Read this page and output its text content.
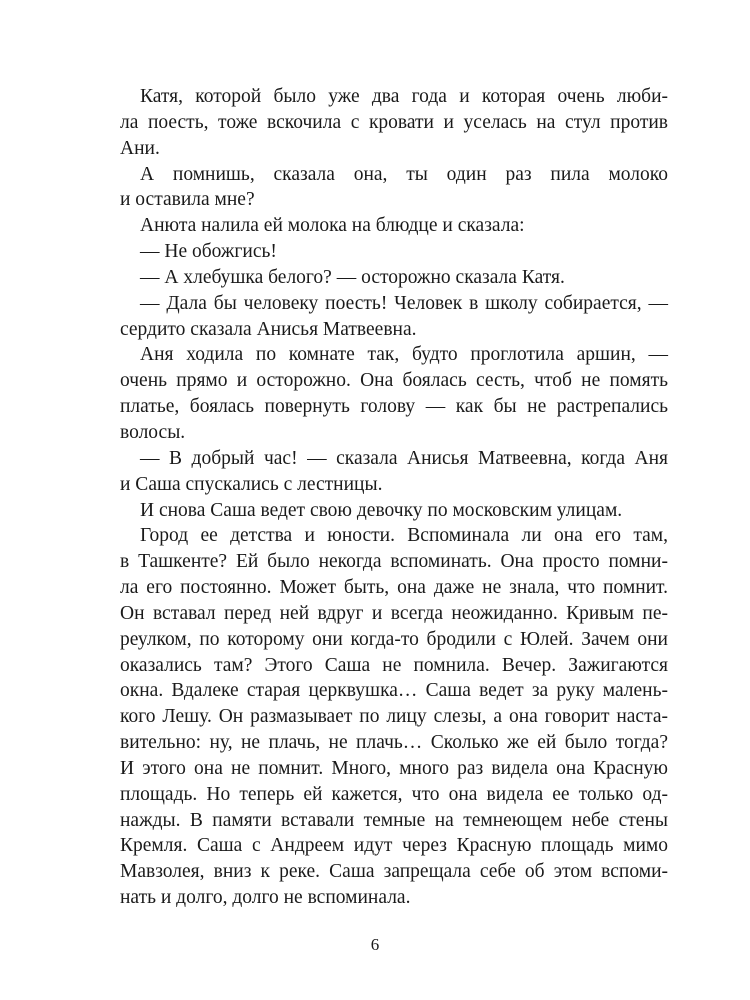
Катя, которой было уже два года и которая очень люби-
ла поесть, тоже вскочила с кровати и уселась на стул против
Ани.
А помнишь, сказала она, ты один раз пила молоко
и оставила мне?
Анюта налила ей молока на блюдце и сказала:
— Не обожгись!
— А хлебушка белого? — осторожно сказала Катя.
— Дала бы человеку поесть! Человек в школу собирается, —
сердито сказала Анисья Матвеевна.
Аня ходила по комнате так, будто проглотила аршин, —
очень прямо и осторожно. Она боялась сесть, чтоб не помять
платье, боялась повернуть голову — как бы не растрепались
волосы.
— В добрый час! — сказала Анисья Матвеевна, когда Аня
и Саша спускались с лестницы.
И снова Саша ведет свою девочку по московским улицам.
Город ее детства и юности. Вспоминала ли она его там,
в Ташкенте? Ей было некогда вспоминать. Она просто помни-
ла его постоянно. Может быть, она даже не знала, что помнит.
Он вставал перед ней вдруг и всегда неожиданно. Кривым пе-
реулком, по которому они когда-то бродили с Юлей. Зачем они
оказались там? Этого Саша не помнила. Вечер. Зажигаются
окна. Вдалеке старая церквушка… Саша ведет за руку малень-
кого Лешу. Он размазывает по лицу слезы, а она говорит наста-
вительно: ну, не плачь, не плачь… Сколько же ей было тогда?
И этого она не помнит. Много, много раз видела она Красную
площадь. Но теперь ей кажется, что она видела ее только од-
нажды. В памяти вставали темные на темнеющем небе стены
Кремля. Саша с Андреем идут через Красную площадь мимо
Мавзолея, вниз к реке. Саша запрещала себе об этом вспоми-
нать и долго, долго не вспоминала.
6
